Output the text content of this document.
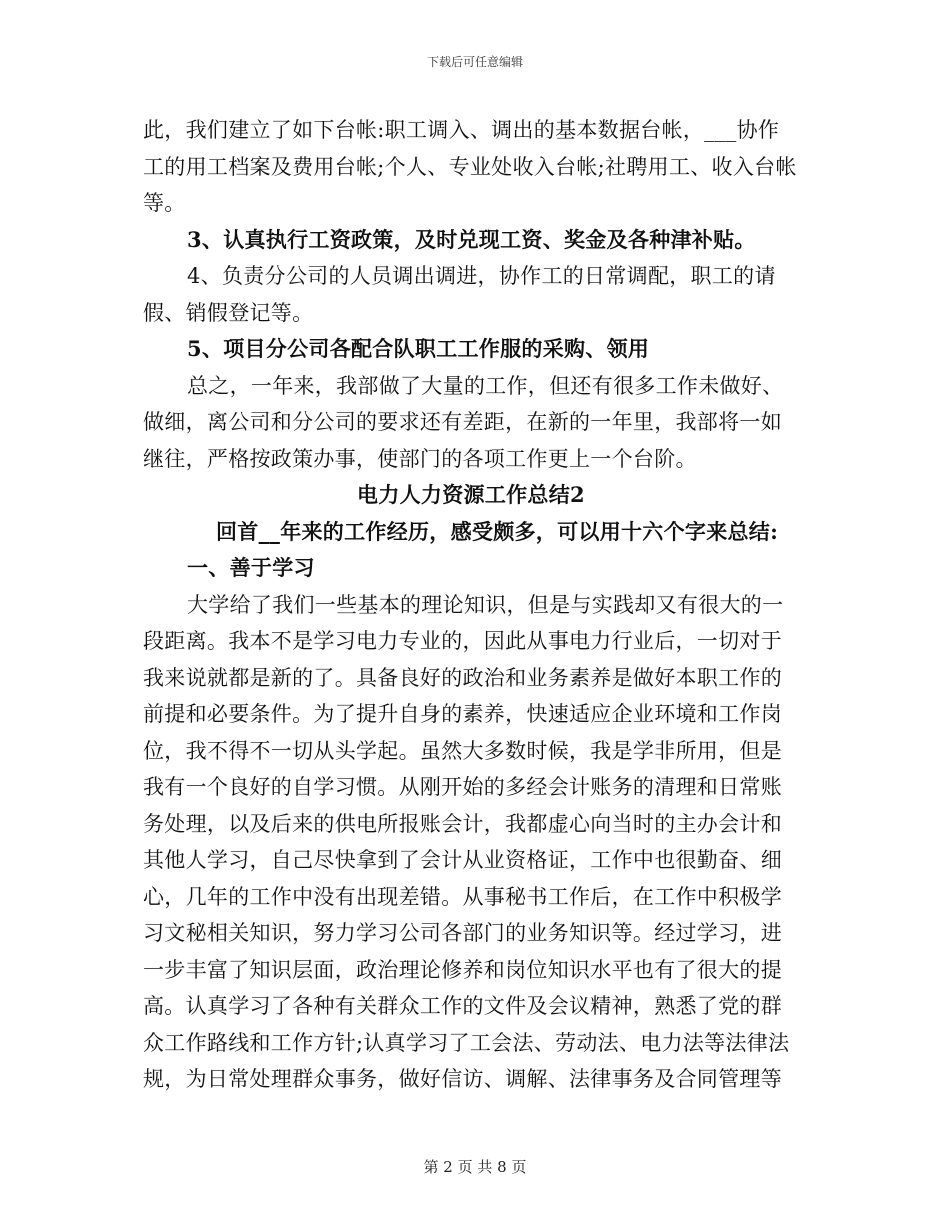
下载后可任意编辑

此，我们建立了如下台帐:职工调入、调出的基本数据台帐，___协作工的用工档案及费用台帐;个人、专业处收入台帐;社聘用工、收入台帐等。

3、认真执行工资政策，及时兑现工资、奖金及各种津补贴。

4、负责分公司的人员调出调进，协作工的日常调配，职工的请假、销假登记等。

5、项目分公司各配合队职工工作服的采购、领用

总之，一年来，我部做了大量的工作，但还有很多工作未做好、做细，离公司和分公司的要求还有差距，在新的一年里，我部将一如继往，严格按政策办事，使部门的各项工作更上一个台阶。

电力人力资源工作总结2

回首__年来的工作经历，感受颇多，可以用十六个字来总结:

一、善于学习

大学给了我们一些基本的理论知识，但是与实践却又有很大的一段距离。我本不是学习电力专业的，因此从事电力行业后，一切对于我来说就都是新的了。具备良好的政治和业务素养是做好本职工作的前提和必要条件。为了提升自身的素养，快速适应企业环境和工作岗位，我不得不一切从头学起。虽然大多数时候，我是学非所用，但是我有一个良好的自学习惯。从刚开始的多经会计账务的清理和日常账务处理，以及后来的供电所报账会计，我都虚心向当时的主办会计和其他人学习，自己尽快拿到了会计从业资格证，工作中也很勤奋、细心，几年的工作中没有出现差错。从事秘书工作后，在工作中积极学习文秘相关知识，努力学习公司各部门的业务知识等。经过学习，进一步丰富了知识层面，政治理论修养和岗位知识水平也有了很大的提高。认真学习了各种有关群众工作的文件及会议精神，熟悉了党的群众工作路线和工作方针;认真学习了工会法、劳动法、电力法等法律法规，为日常处理群众事务，做好信访、调解、法律事务及合同管理等

第 2 页 共 8 页
